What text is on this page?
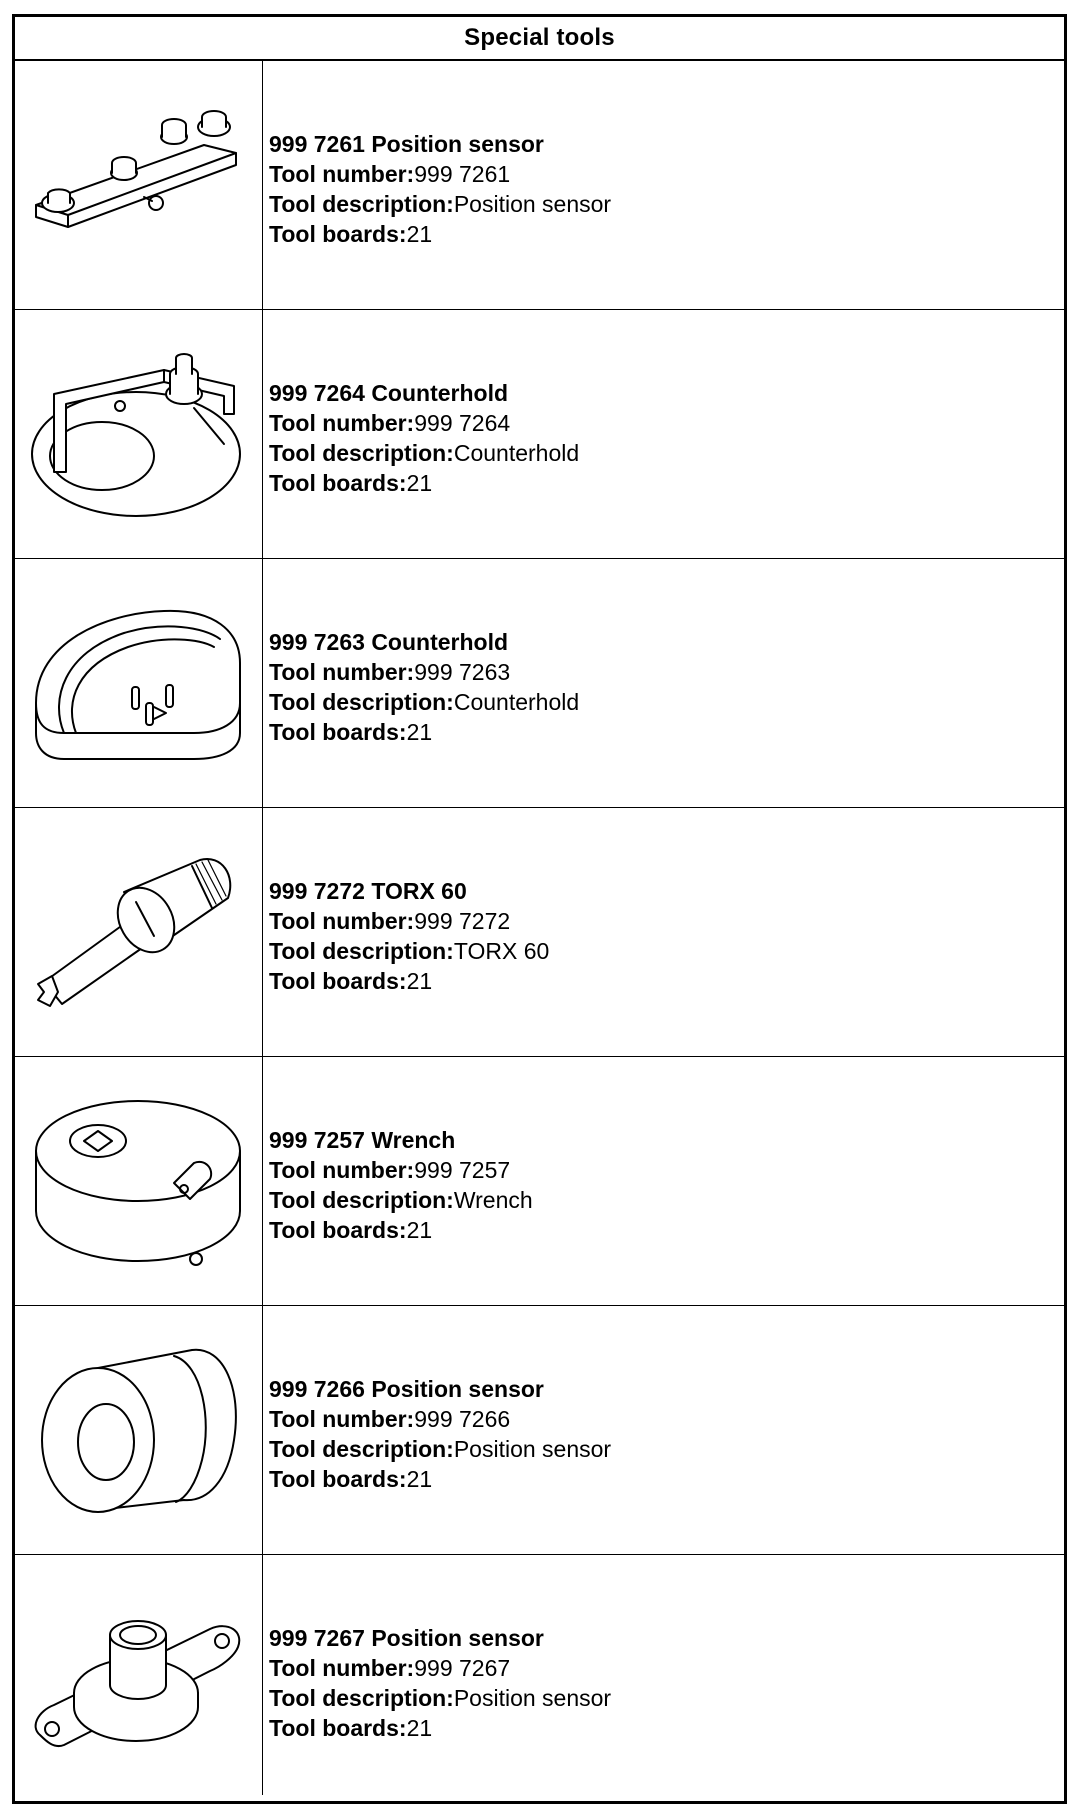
Special tools
999 7261 Position sensor
Tool number:999 7261
Tool description:Position sensor
Tool boards:21
999 7264 Counterhold
Tool number:999 7264
Tool description:Counterhold
Tool boards:21
999 7263 Counterhold
Tool number:999 7263
Tool description:Counterhold
Tool boards:21
999 7272 TORX 60
Tool number:999 7272
Tool description:TORX 60
Tool boards:21
999 7257 Wrench
Tool number:999 7257
Tool description:Wrench
Tool boards:21
999 7266 Position sensor
Tool number:999 7266
Tool description:Position sensor
Tool boards:21
999 7267 Position sensor
Tool number:999 7267
Tool description:Position sensor
Tool boards:21
